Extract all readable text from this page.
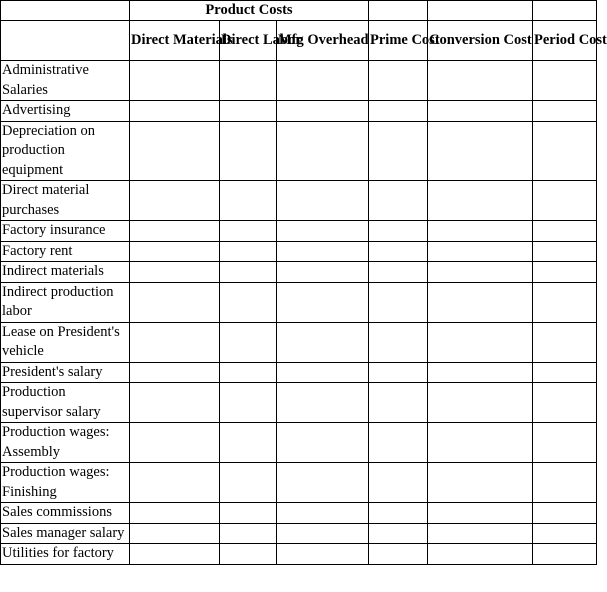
	Product Costs					
	Direct Materials	Direct Labor	Mfg Overhead	Prime Cost	Conversion Cost	Period Cost
Administrative Salaries						
Advertising						
Depreciation on production equipment						
Direct material purchases						
Factory insurance						
Factory rent						
Indirect materials						
Indirect production labor						
Lease on President's vehicle						
President's salary						
Production supervisor salary						
Production wages: Assembly						
Production wages: Finishing						
Sales commissions						
Sales manager salary						
Utilities for factory						
